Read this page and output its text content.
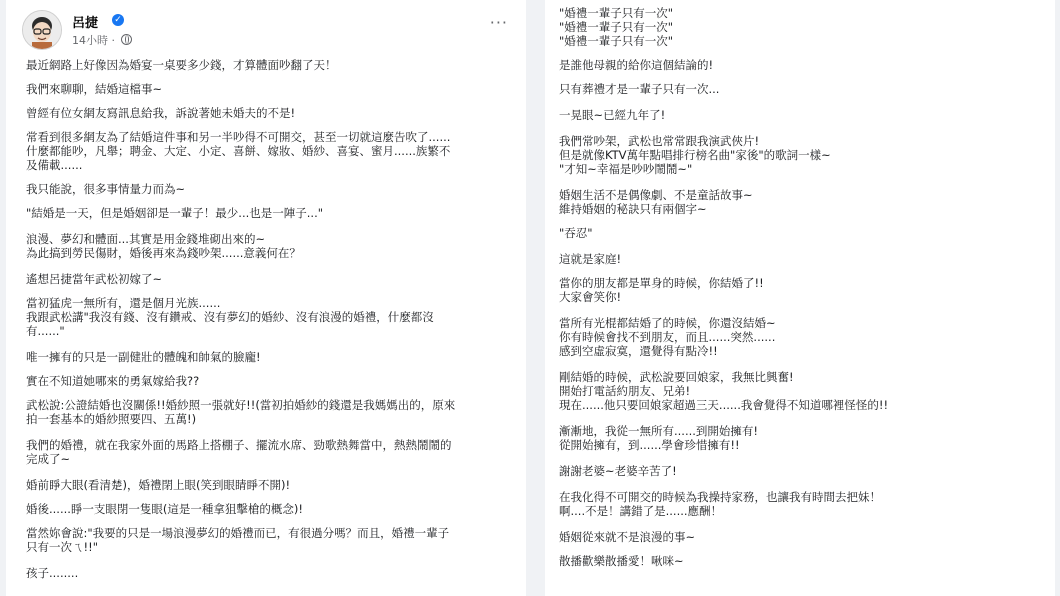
呂捷 ✓
14小時 ·
···

最近網路上好像因為婚宴一桌要多少錢，才算體面吵翻了天！

我們來聊聊，結婚這檔事~

曾經有位女網友寫訊息給我，訴說著她未婚夫的不是!

常看到很多網友為了結婚這件事和另一半吵得不可開交，甚至一切就這麼告吹了......

什麼都能吵，凡舉；聘金、大定、小定、喜餅、嫁妝、婚紗、喜宴、蜜月......族繁不

及備載......

我只能說，很多事情量力而為~

"結婚是一天，但是婚姻卻是一輩子！最少...也是一陣子..."

浪漫、夢幻和體面...其實是用金錢堆砌出來的~

為此搞到勞民傷財，婚後再來為錢吵架......意義何在？

遙想呂捷當年武松初嫁了~

當初猛虎一無所有，還是個月光族......

我跟武松講"我沒有錢、沒有鑽戒、沒有夢幻的婚紗、沒有浪漫的婚禮，什麼都沒

有......"

唯一擁有的只是一副健壯的體魄和帥氣的臉龐!

實在不知道她哪來的勇氣嫁給我??

武松說:公證結婚也沒關係!!婚紗照一張就好!!(當初拍婚紗的錢還是我媽媽出的，原來

拍一套基本的婚紗照要四、五萬!)

我們的婚禮，就在我家外面的馬路上搭棚子、擺流水席、勁歌熱舞當中，熱熱鬧鬧的

完成了~

婚前睜大眼(看清楚)，婚禮閉上眼(笑到眼睛睜不開)!

婚後......睜一支眼閉一隻眼(這是一種拿狙擊槍的概念)!

當然妳會說:"我要的只是一場浪漫夢幻的婚禮而已，有很過分嗎？而且，婚禮一輩子

只有一次ㄟ!!"

孩子........

"婚禮一輩子只有一次"

"婚禮一輩子只有一次"

"婚禮一輩子只有一次"

是誰他母親的給你這個結論的!

只有葬禮才是一輩子只有一次...

一晃眼~已經九年了!

我們常吵架，武松也常常跟我演武俠片!

但是就像KTV萬年點唱排行榜名曲"家後"的歌詞一樣~

"才知~幸福是吵吵鬧鬧~"

婚姻生活不是偶像劇、不是童話故事~

維持婚姻的秘訣只有兩個字~

"吞忍"

這就是家庭!

當你的朋友都是單身的時候，你結婚了!!

大家會笑你!

當所有光棍都結婚了的時候，你還沒結婚~

你有時候會找不到朋友，而且......突然......

感到空虛寂寞，還覺得有點冷!!

剛結婚的時候，武松說要回娘家，我無比興奮!

開始打電話約朋友、兄弟!

現在......他只要回娘家超過三天......我會覺得不知道哪裡怪怪的!!

漸漸地，我從一無所有......到開始擁有!

從開始擁有，到......學會珍惜擁有!!

謝謝老婆~老婆辛苦了!

在我化得不可開交的時候為我操持家務，也讓我有時間去把妹！

啊....不是！講錯了是......應酬！

婚姻從來就不是浪漫的事~

散播歡樂散播愛！啾咪~
